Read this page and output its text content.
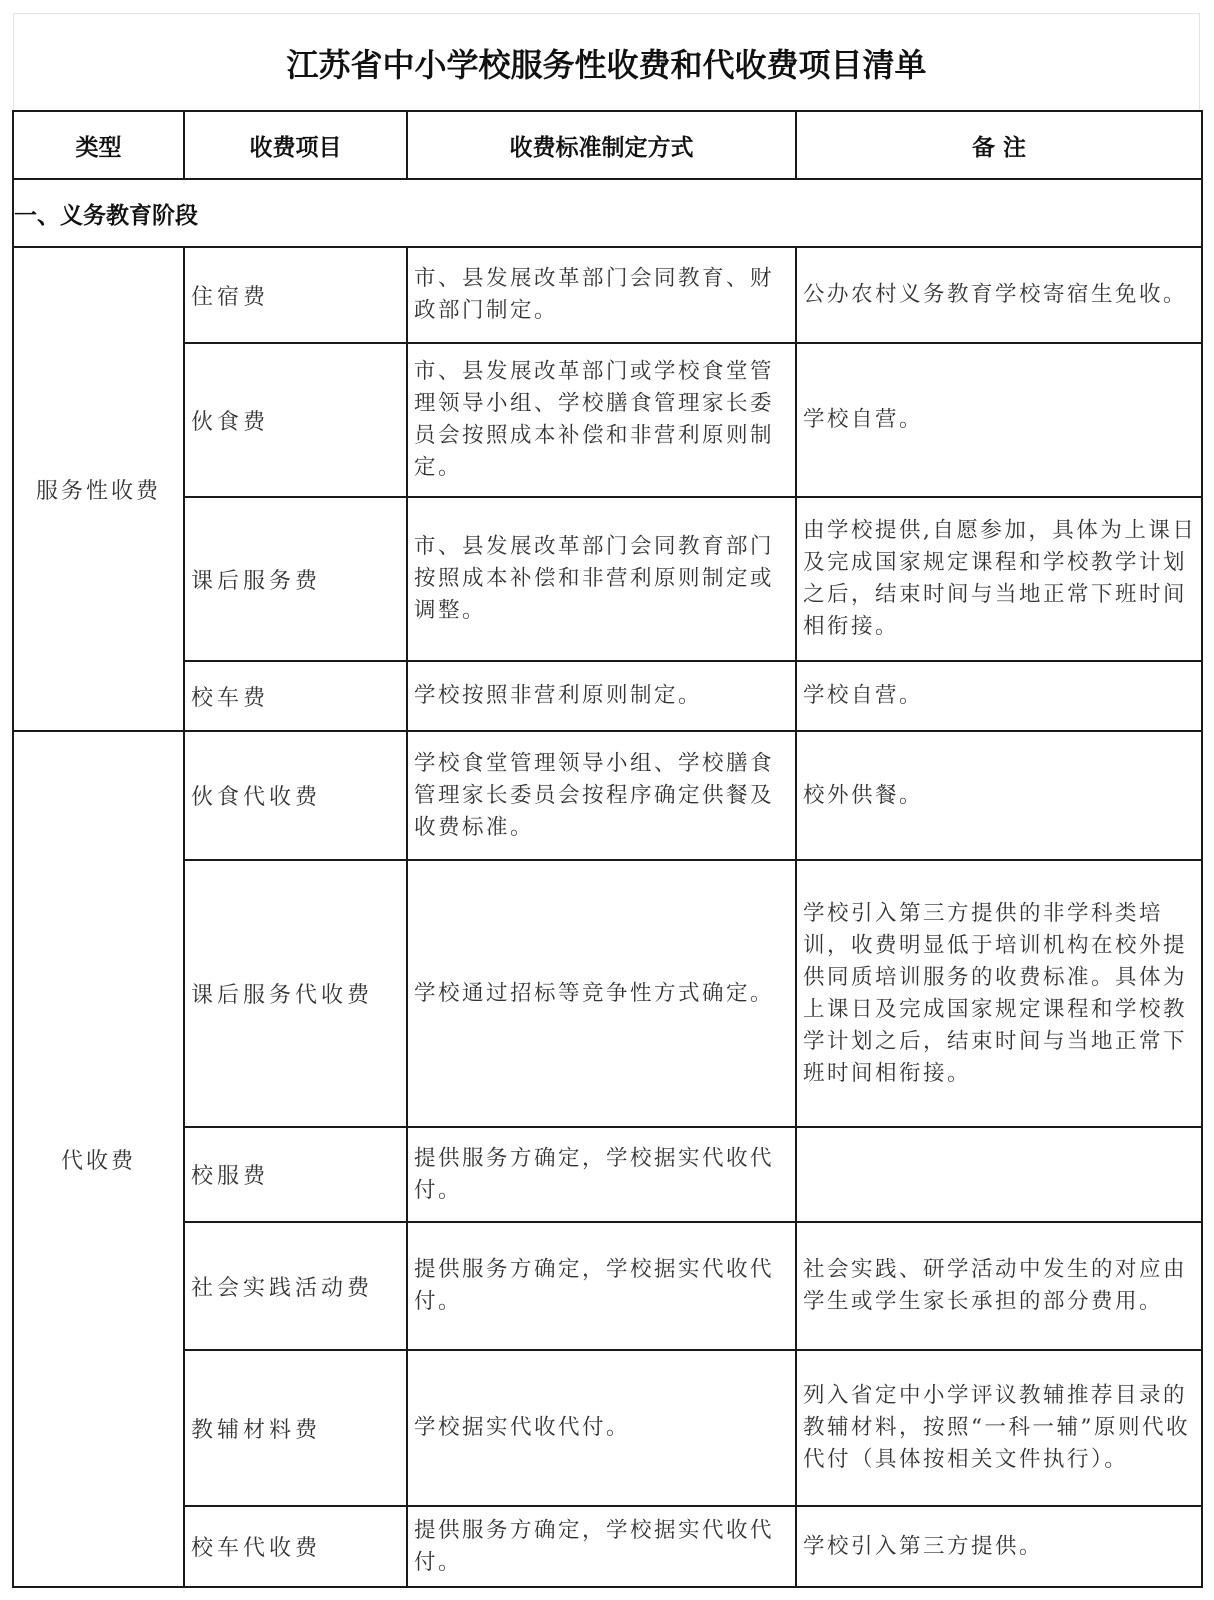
江苏省中小学校服务性收费和代收费项目清单
类型	收费项目	收费标准制定方式	备 注
一、义务教育阶段			
服务性收费	住宿费	市、县发展改革部门会同教育、财政部门制定。	公办农村义务教育学校寄宿生免收。
	伙食费	市、县发展改革部门或学校食堂管理领导小组、学校膳食管理家长委员会按照成本补偿和非营利原则制定。	学校自营。
	课后服务费	市、县发展改革部门会同教育部门按照成本补偿和非营利原则制定或调整。	由学校提供,自愿参加，具体为上课日及完成国家规定课程和学校教学计划之后，结束时间与当地正常下班时间相衔接。
	校车费	学校按照非营利原则制定。	学校自营。
代收费	伙食代收费	学校食堂管理领导小组、学校膳食管理家长委员会按程序确定供餐及收费标准。	校外供餐。
	课后服务代收费	学校通过招标等竞争性方式确定。	学校引入第三方提供的非学科类培训，收费明显低于培训机构在校外提供同质培训服务的收费标准。具体为上课日及完成国家规定课程和学校教学计划之后，结束时间与当地正常下班时间相衔接。
	校服费	提供服务方确定，学校据实代收代付。	
	社会实践活动费	提供服务方确定，学校据实代收代付。	社会实践、研学活动中发生的对应由学生或学生家长承担的部分费用。
	教辅材料费	学校据实代收代付。	列入省定中小学评议教辅推荐目录的教辅材料，按照“一科一辅”原则代收代付（具体按相关文件执行）。
	校车代收费	提供服务方确定，学校据实代收代付。	学校引入第三方提供。
